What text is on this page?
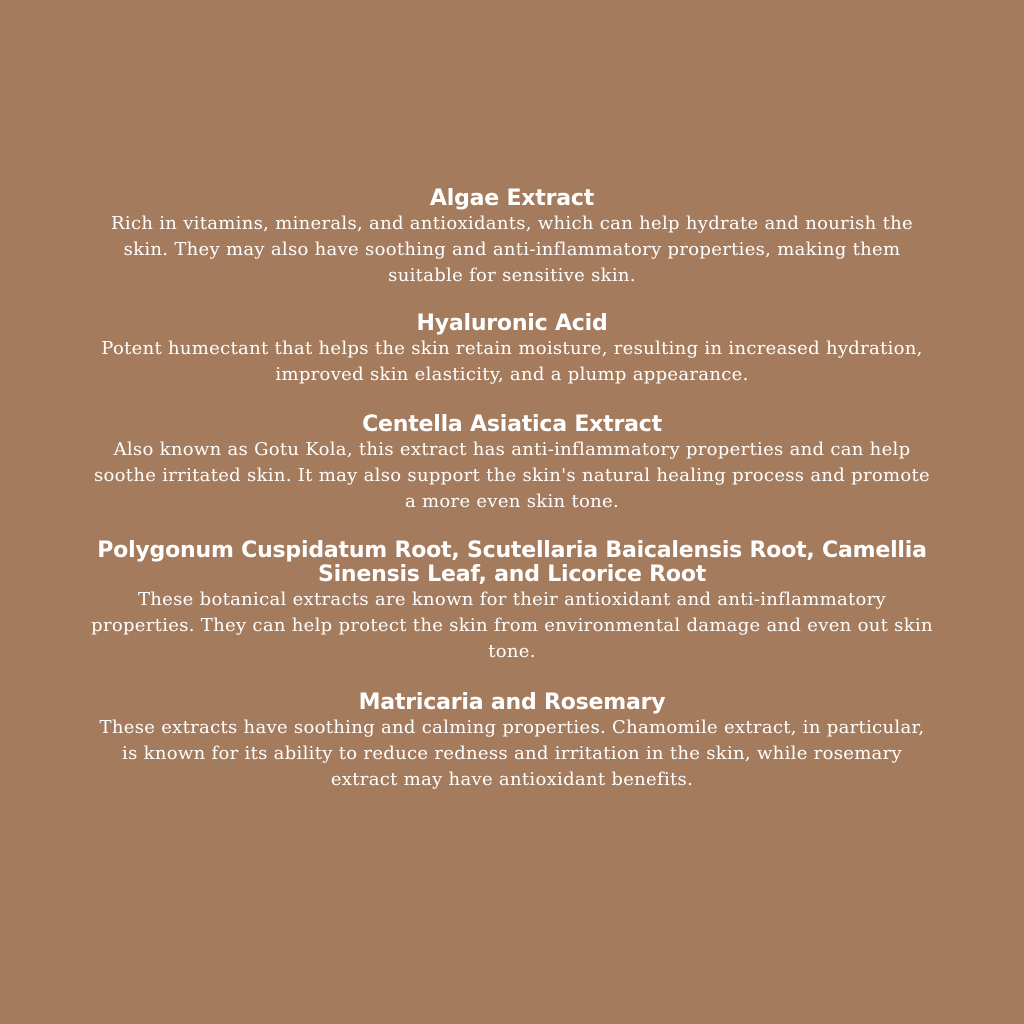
Algae Extract

Rich in vitamins, minerals, and antioxidants, which can help hydrate and nourish the skin. They may also have soothing and anti-inflammatory properties, making them suitable for sensitive skin.

Hyaluronic Acid

Potent humectant that helps the skin retain moisture, resulting in increased hydration, improved skin elasticity, and a plump appearance.

Centella Asiatica Extract

Also known as Gotu Kola, this extract has anti-inflammatory properties and can help soothe irritated skin. It may also support the skin's natural healing process and promote a more even skin tone.

Polygonum Cuspidatum Root, Scutellaria Baicalensis Root, Camellia Sinensis Leaf, and Licorice Root

These botanical extracts are known for their antioxidant and anti-inflammatory properties. They can help protect the skin from environmental damage and even out skin tone.

Matricaria and Rosemary

These extracts have soothing and calming properties. Chamomile extract, in particular, is known for its ability to reduce redness and irritation in the skin, while rosemary extract may have antioxidant benefits.
